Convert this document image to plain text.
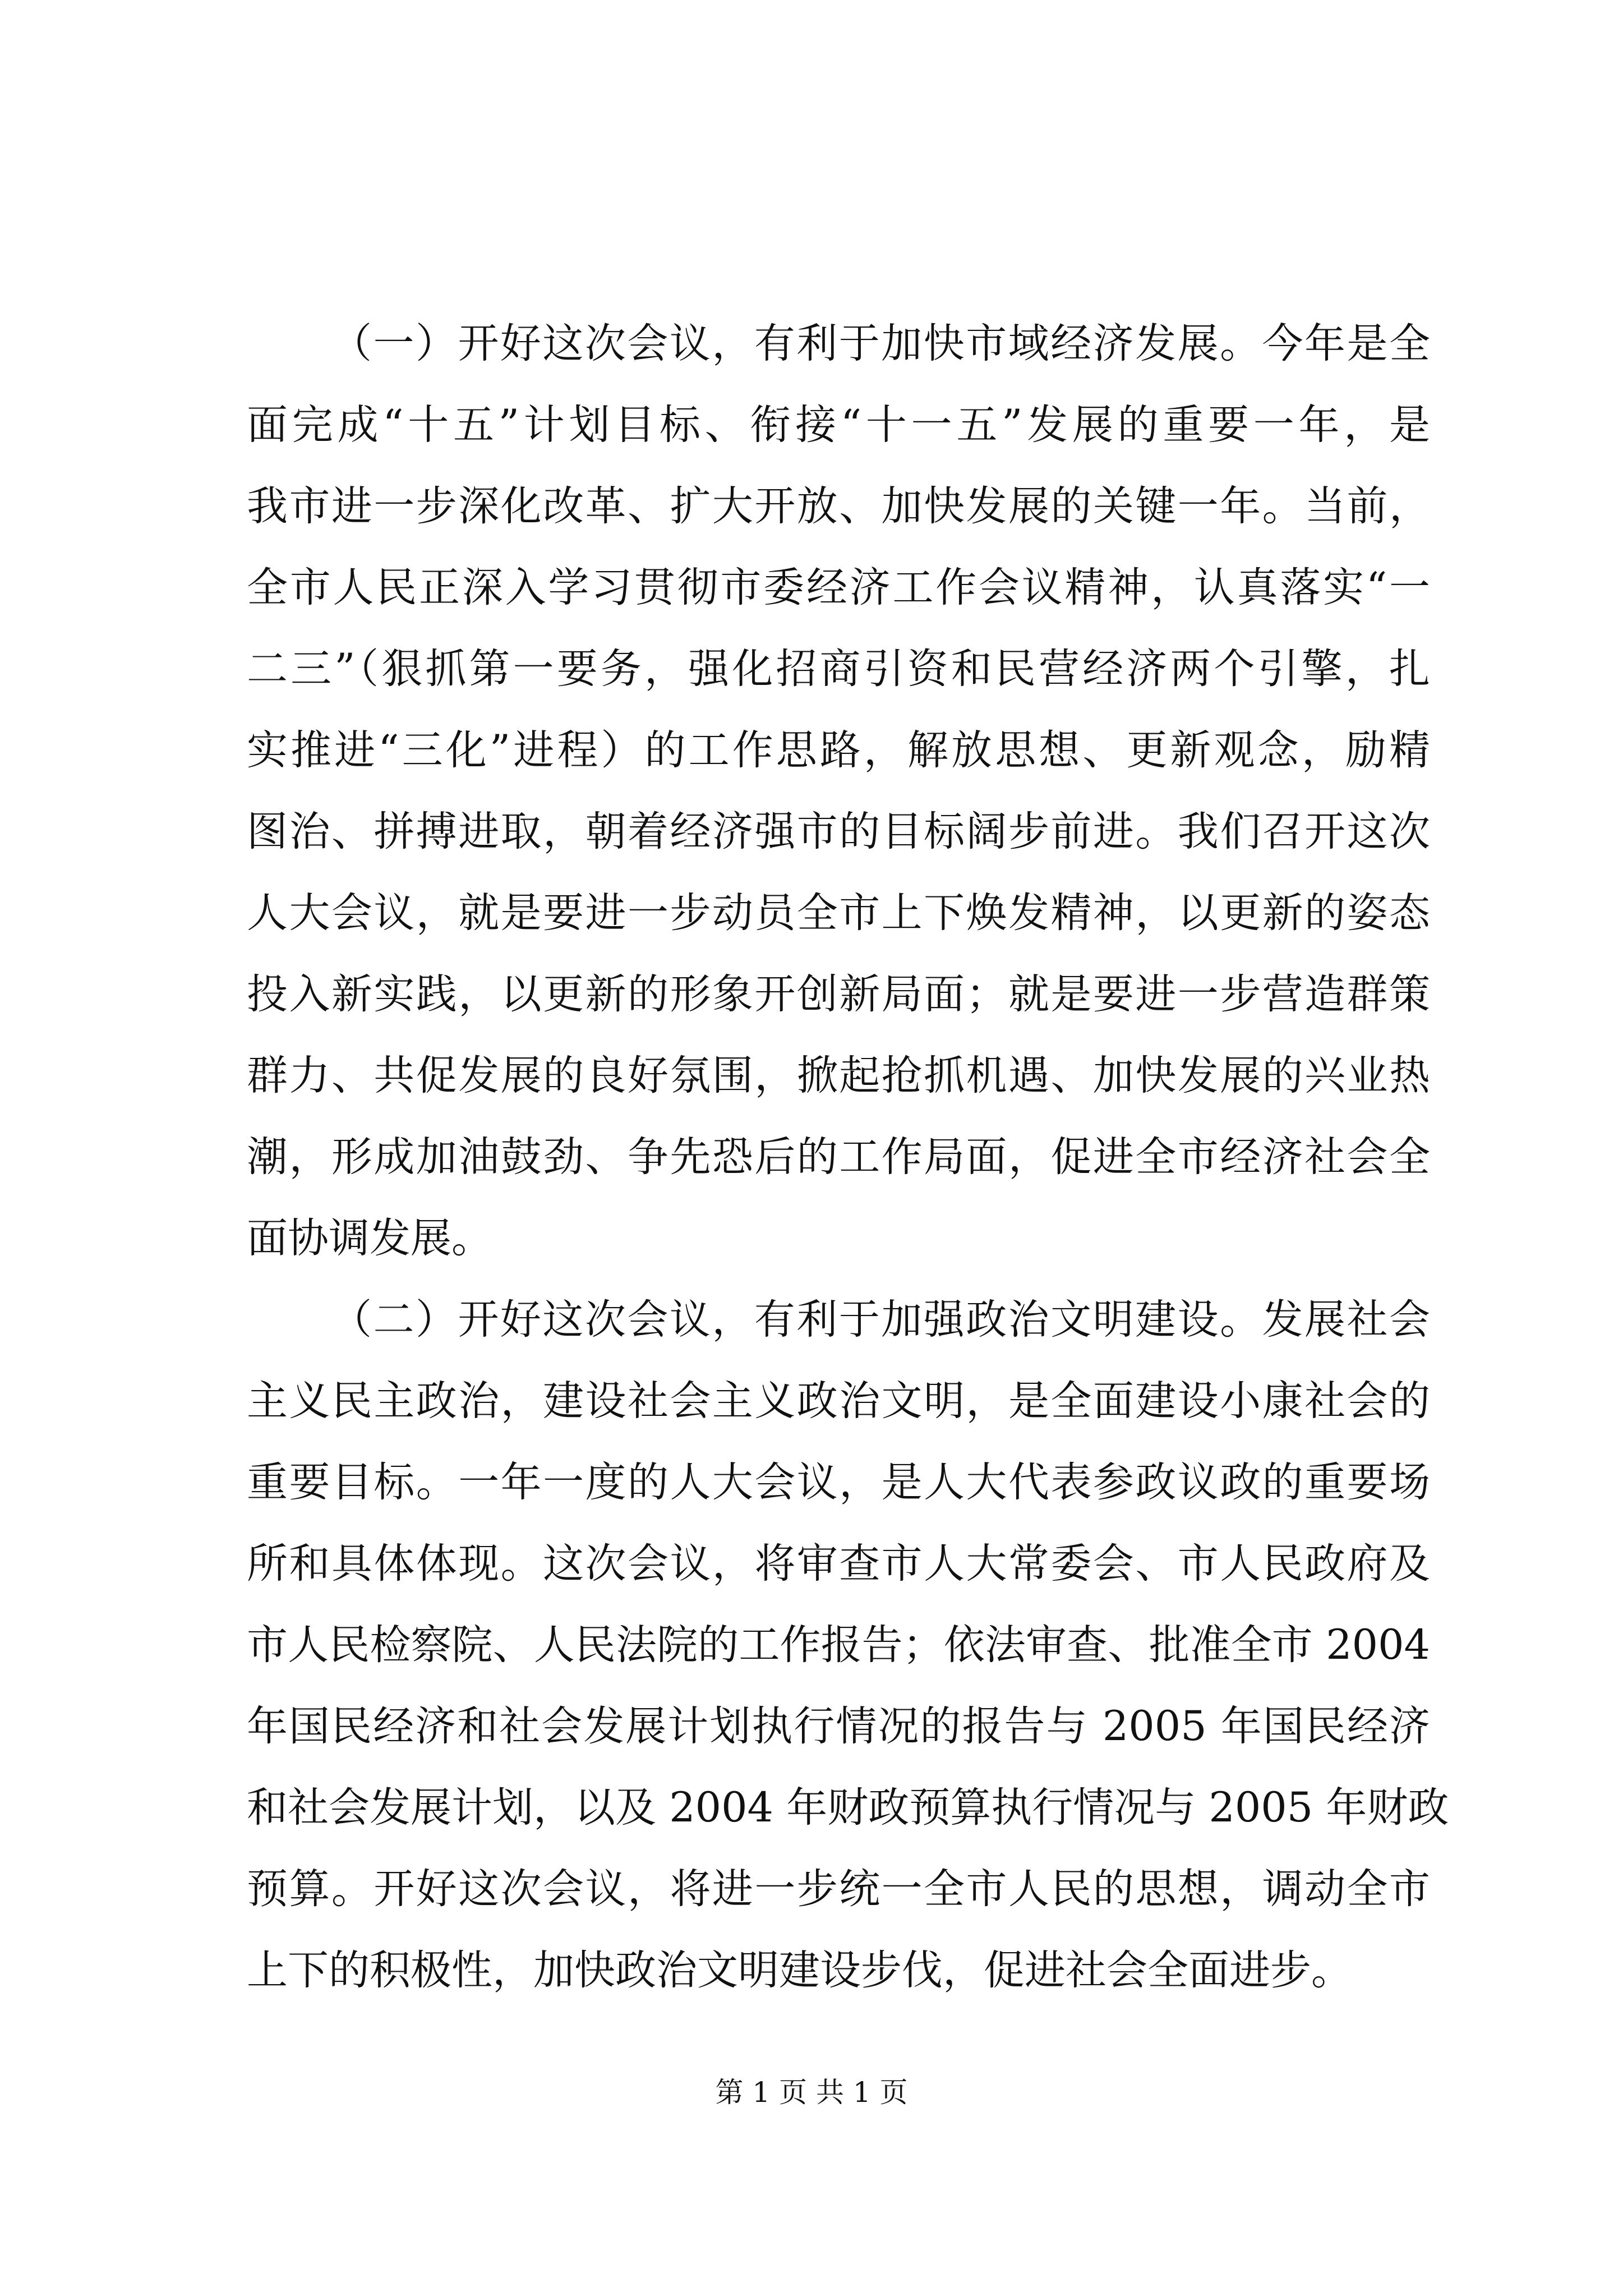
（一）开好这次会议，有利于加快市域经济发展。今年是全
面完成“十五”计划目标、衔接“十一五”发展的重要一年，是
我市进一步深化改革、扩大开放、加快发展的关键一年。当前，
全市人民正深入学习贯彻市委经济工作会议精神，认真落实“一
二三”（狠抓第一要务，强化招商引资和民营经济两个引擎，扎
实推进“三化”进程）的工作思路，解放思想、更新观念，励精
图治、拼搏进取，朝着经济强市的目标阔步前进。我们召开这次
人大会议，就是要进一步动员全市上下焕发精神，以更新的姿态
投入新实践，以更新的形象开创新局面；就是要进一步营造群策
群力、共促发展的良好氛围，掀起抢抓机遇、加快发展的兴业热
潮，形成加油鼓劲、争先恐后的工作局面，促进全市经济社会全
面协调发展。
（二）开好这次会议，有利于加强政治文明建设。发展社会
主义民主政治，建设社会主义政治文明，是全面建设小康社会的
重要目标。一年一度的人大会议，是人大代表参政议政的重要场
所和具体体现。这次会议，将审查市人大常委会、市人民政府及
市人民检察院、人民法院的工作报告；依法审查、批准全市 2004
年国民经济和社会发展计划执行情况的报告与 2005 年国民经济
和社会发展计划，以及 2004 年财政预算执行情况与 2005 年财政
预算。开好这次会议，将进一步统一全市人民的思想，调动全市
上下的积极性，加快政治文明建设步伐，促进社会全面进步。
第 1 页 共 1 页
